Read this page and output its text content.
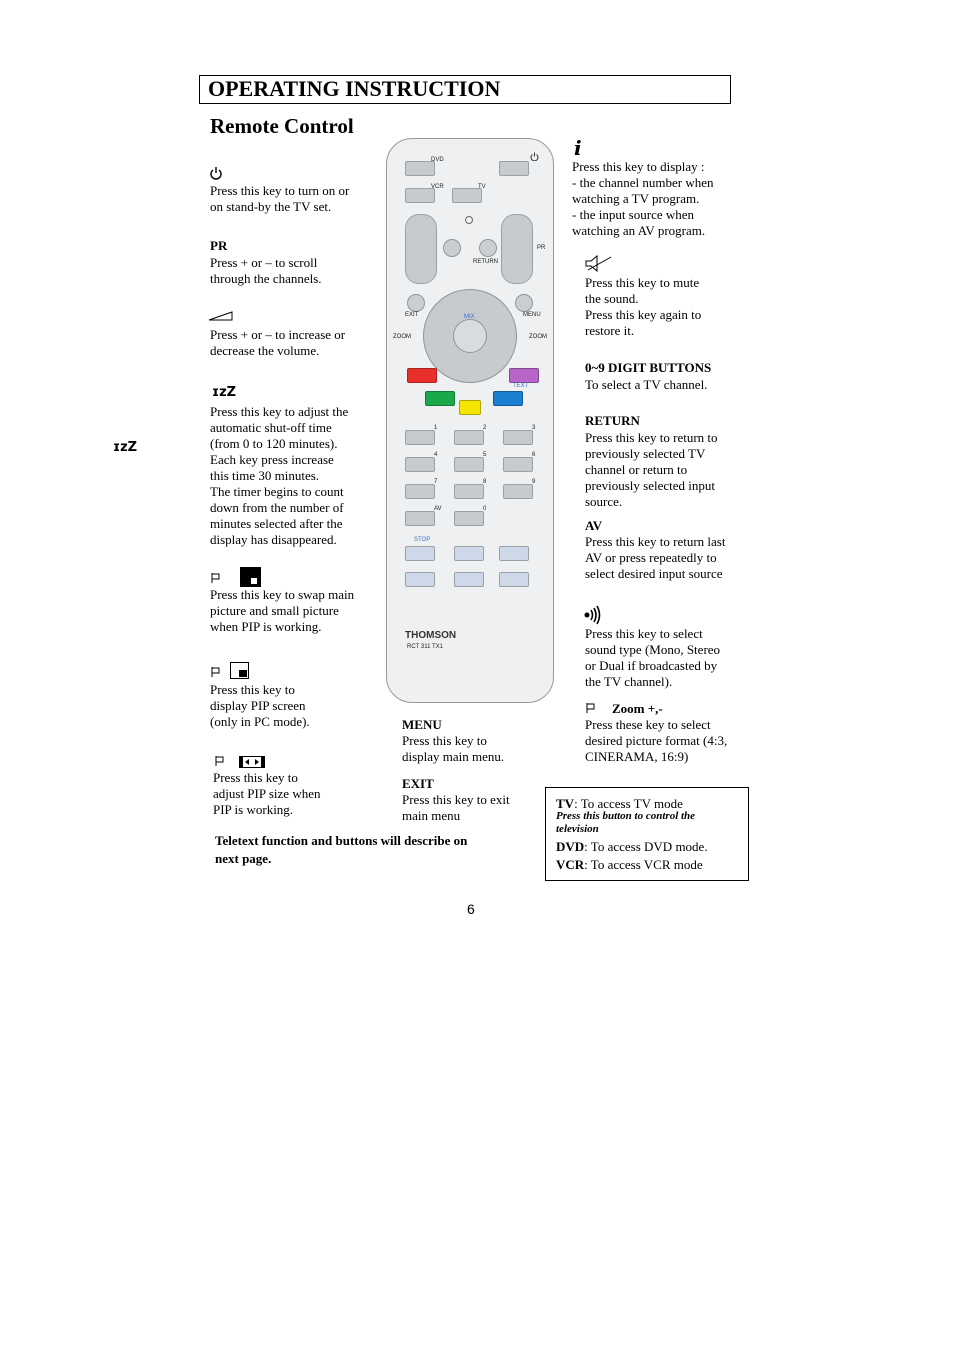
OPERATING INSTRUCTION
Remote Control
Press this key to turn on or
on stand-by the TV set.
PR
Press + or – to scroll
through the channels.
Press + or – to increase or
decrease the volume.
ɪzZ
ɪzZ
Press this key to adjust the
automatic shut-off time
(from 0 to 120 minutes).
Each key press increase
this time 30 minutes.
The timer begins to count
down from the number of
minutes selected after the
display has disappeared.
Press this key to swap main
picture and small picture
when PIP is working.
Press this key to
display PIP screen
(only in PC mode).
Press this key to
adjust PIP size when
PIP is working.
Teletext function and buttons will describe on
next page.
DVD
VCR	TV
PR
RETURN
EXIT	MENU
ZOOM	ZOOM
MIX
TEXT
1	2	3
4	5	6
7	8	9
AV	0
STOP
THOMSON
RCT 311 TX1
MENU
Press this key to
display main menu.
EXIT
Press this key to exit
main menu
i
Press this key to display :
- the channel number when
watching a TV program.
- the input source when
watching an AV program.
Press this key to mute
the sound.
Press this key again to
restore it.
0~9 DIGIT BUTTONS
To select a TV channel.
RETURN
Press this key to return to
previously selected TV
channel or return to
previously selected input
source.
AV
Press this key to return last
AV or press repeatedly to
select desired input source
Press this key to select
sound type (Mono, Stereo
or Dual if broadcasted by
the TV channel).
Zoom +,-
Press these key to select
desired picture format (4:3,
CINERAMA, 16:9)
TV: To access TV mode
Press this button to control the
television
DVD: To access DVD mode.
VCR: To access VCR mode
6
